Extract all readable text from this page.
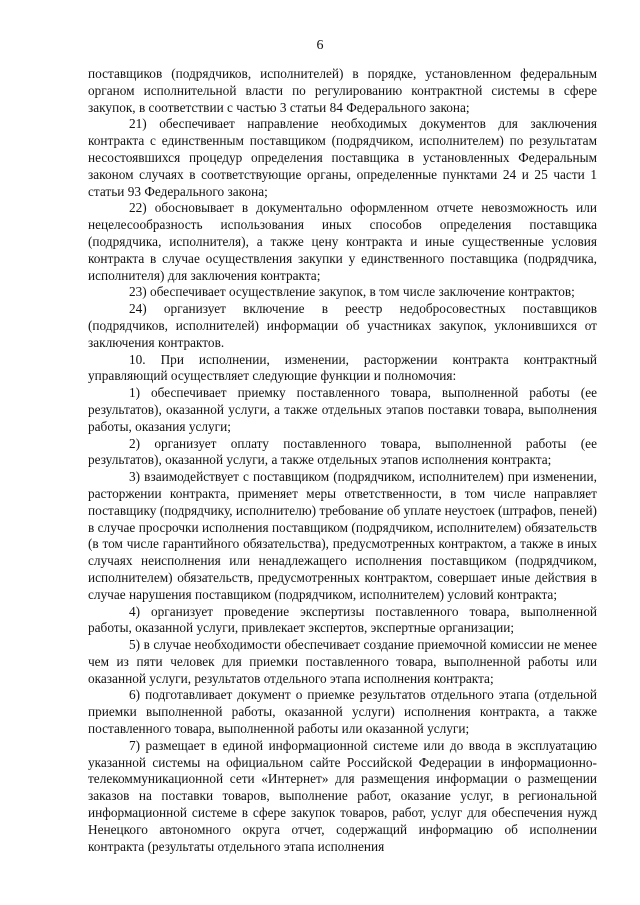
6

поставщиков (подрядчиков, исполнителей) в порядке, установленном федеральным органом исполнительной власти по регулированию контрактной системы в сфере закупок, в соответствии с частью 3 статьи 84 Федерального закона;

21) обеспечивает направление необходимых документов для заключения контракта с единственным поставщиком (подрядчиком, исполнителем) по результатам несостоявшихся процедур определения поставщика в установленных Федеральным законом случаях в соответствующие органы, определенные пунктами 24 и 25 части 1 статьи 93 Федерального закона;

22) обосновывает в документально оформленном отчете невозможность или нецелесообразность использования иных способов определения поставщика (подрядчика, исполнителя), а также цену контракта и иные существенные условия контракта в случае осуществления закупки у единственного поставщика (подрядчика, исполнителя) для заключения контракта;

23) обеспечивает осуществление закупок, в том числе заключение контрактов;

24) организует включение в реестр недобросовестных поставщиков (подрядчиков, исполнителей) информации об участниках закупок, уклонившихся от заключения контрактов.

10. При исполнении, изменении, расторжении контракта контрактный управляющий осуществляет следующие функции и полномочия:

1) обеспечивает приемку поставленного товара, выполненной работы (ее результатов), оказанной услуги, а также отдельных этапов поставки товара, выполнения работы, оказания услуги;

2) организует оплату поставленного товара, выполненной работы (ее результатов), оказанной услуги, а также отдельных этапов исполнения контракта;

3) взаимодействует с поставщиком (подрядчиком, исполнителем) при изменении, расторжении контракта, применяет меры ответственности, в том числе направляет поставщику (подрядчику, исполнителю) требование об уплате неустоек (штрафов, пеней) в случае просрочки исполнения поставщиком (подрядчиком, исполнителем) обязательств (в том числе гарантийного обязательства), предусмотренных контрактом, а также в иных случаях неисполнения или ненадлежащего исполнения поставщиком (подрядчиком, исполнителем) обязательств, предусмотренных контрактом, совершает иные действия в случае нарушения поставщиком (подрядчиком, исполнителем) условий контракта;

4) организует проведение экспертизы поставленного товара, выполненной работы, оказанной услуги, привлекает экспертов, экспертные организации;

5) в случае необходимости обеспечивает создание приемочной комиссии не менее чем из пяти человек для приемки поставленного товара, выполненной работы или оказанной услуги, результатов отдельного этапа исполнения контракта;

6) подготавливает документ о приемке результатов отдельного этапа (отдельной приемки выполненной работы, оказанной услуги) исполнения контракта, а также поставленного товара, выполненной работы или оказанной услуги;

7) размещает в единой информационной системе или до ввода в эксплуатацию указанной системы на официальном сайте Российской Федерации в информационно-телекоммуникационной сети «Интернет» для размещения информации о размещении заказов на поставки товаров, выполнение работ, оказание услуг, в региональной информационной системе в сфере закупок товаров, работ, услуг для обеспечения нужд Ненецкого автономного округа отчет, содержащий информацию об исполнении контракта (результаты отдельного этапа исполнения
